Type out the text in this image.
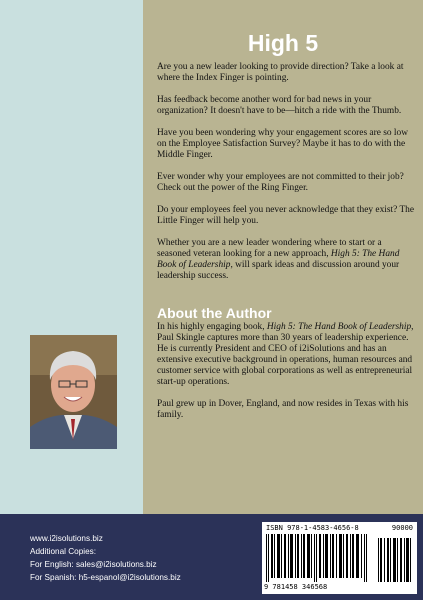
High 5

Are you a new leader looking to provide direction? Take a look at where the Index Finger is pointing.

Has feedback become another word for bad news in your organization? It doesn't have to be—hitch a ride with the Thumb.

Have you been wondering why your engagement scores are so low on the Employee Satisfaction Survey? Maybe it has to do with the Middle Finger.

Ever wonder why your employees are not committed to their job? Check out the power of the Ring Finger.

Do your employees feel you never acknowledge that they exist? The Little Finger will help you.

Whether you are a new leader wondering where to start or a seasoned veteran looking for a new approach, High 5: The Hand Book of Leadership, will spark ideas and discussion around your leadership success.

About the Author

In his highly engaging book, High 5: The Hand Book of Leadership, Paul Skingle captures more than 30 years of leadership experience. He is currently President and CEO of i2iSolutions and has an extensive executive background in operations, human resources and customer service with global corporations as well as entrepreneurial start-up operations.

Paul grew up in Dover, England, and now resides in Texas with his family.

www.i2isolutions.biz
Additional Copies:
For English: sales@i2isolutions.biz
For Spanish: h5-espanol@i2isolutions.biz
ISBN 978-1-4583-4656-8	90000
9 781458 346568
